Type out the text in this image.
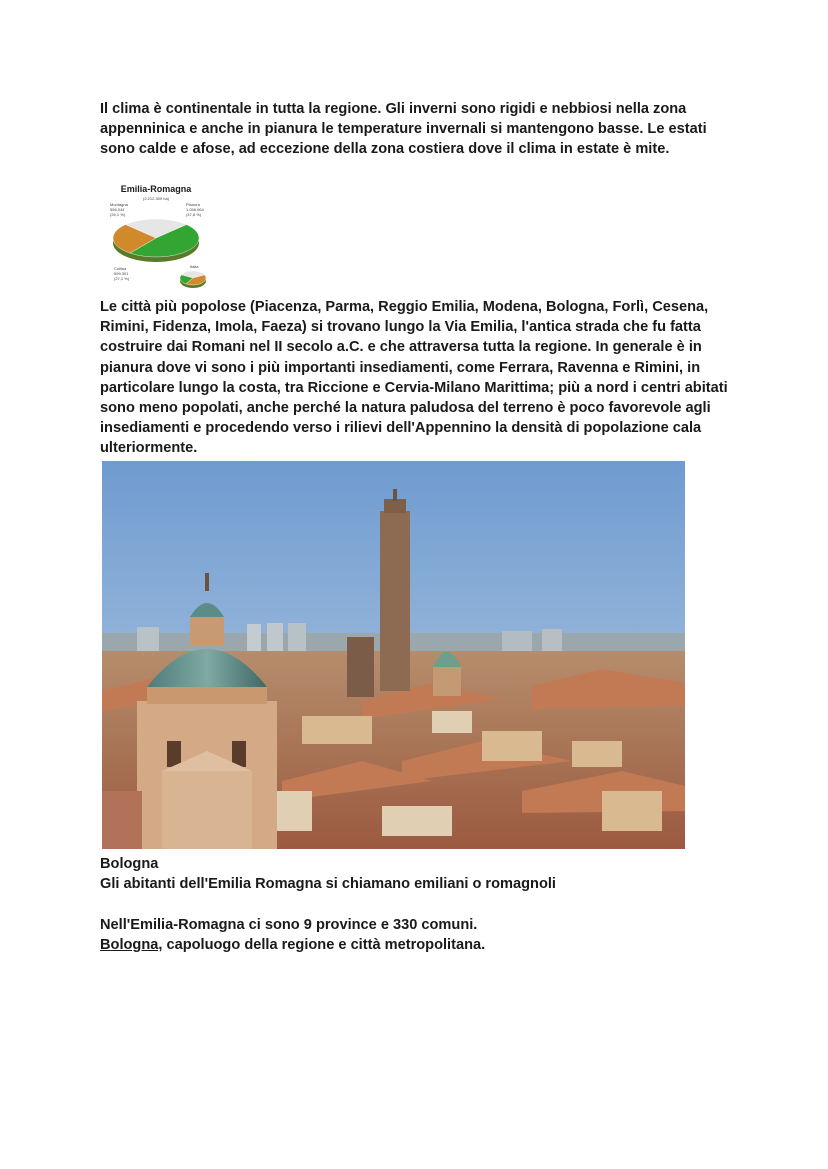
Il clima è continentale in tutta la regione. Gli inverni sono rigidi e nebbiosi nella zona appenninica e anche in pianura le temperature invernali si mantengono basse. Le estati sono calde e afose, ad eccezione della zona costiera dove il clima in estate è mite.

Emilia-Romagna
(2.212.309 ha)
Montagna
556.044
(25,1 %)
Pianura
1.056.964
(47,8 %)
Collina
599.301
(27,1 %)
Italia

Le città più popolose (Piacenza, Parma, Reggio Emilia, Modena, Bologna, Forlì, Cesena, Rimini, Fidenza, Imola, Faeza) si trovano lungo la Via Emilia, l'antica strada che fu fatta costruire dai Romani nel II secolo a.C. e che attraversa tutta la regione. In generale è in pianura dove vi sono i più importanti insediamenti, come Ferrara, Ravenna e Rimini, in particolare lungo la costa, tra Riccione e Cervia-Milano Marittima; più a nord i centri abitati sono meno popolati, anche perché la natura paludosa del terreno è poco favorevole agli insediamenti e procedendo verso i rilievi dell'Appennino la densità di popolazione cala ulteriormente.

Bologna

Gli abitanti dell'Emilia Romagna si chiamano emiliani o romagnoli

Nell'Emilia-Romagna ci sono 9 province e 330 comuni.

Bologna, capoluogo della regione e città metropolitana.
